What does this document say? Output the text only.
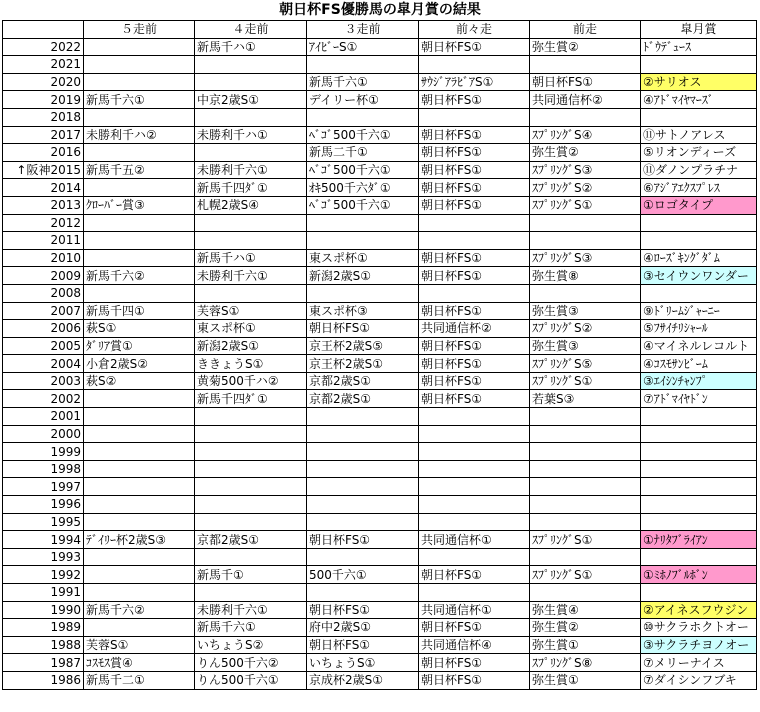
朝日杯FS優勝馬の皐月賞の結果
	５走前	４走前	３走前	前々走	前走	皐月賞
2022		新馬千ハ①	ｱｲﾋﾞｰS①	朝日杯FS①	弥生賞②	ﾄﾞｳﾃﾞｭｰｽ
2021						
2020			新馬千六①	ｻｳｼﾞｱﾗﾋﾞｱS①	朝日杯FS①	②サリオス
2019	新馬千六①	中京2歳S①	デイリー杯①	朝日杯FS①	共同通信杯②	④ｱﾄﾞﾏｲﾔﾏｰｽﾞ
2018						
2017	未勝利千ハ②	未勝利千ハ①	ﾍﾞｺﾞ500千六①	朝日杯FS①	ｽﾌﾟﾘﾝｸﾞS④	⑪サトノアレス
2016			新馬二千①	朝日杯FS①	弥生賞②	⑤リオンディーズ
↑阪神2015	新馬千五②	未勝利千六①	ﾍﾞｺﾞ500千六①	朝日杯FS①	ｽﾌﾟﾘﾝｸﾞS③	⑪ダノンプラチナ
2014		新馬千四ﾀﾞ①	ｵｷ500千六ﾀﾞ①	朝日杯FS①	ｽﾌﾟﾘﾝｸﾞS②	⑥ｱｼﾞｱｴｸｽﾌﾟﾚｽ
2013	ｸﾛｰﾊﾞｰ賞③	札幌2歳S④	ﾍﾞｺﾞ500千六①	朝日杯FS①	ｽﾌﾟﾘﾝｸﾞS①	①ロゴタイプ
2012						
2011						
2010		新馬千ハ①	東スポ杯①	朝日杯FS①	ｽﾌﾟﾘﾝｸﾞS③	④ﾛｰｽﾞｷﾝｸﾞﾀﾞﾑ
2009	新馬千六②	未勝利千六①	新潟2歳S①	朝日杯FS①	弥生賞⑧	③セイウンワンダー
2008						
2007	新馬千四①	芙蓉S①	東スポ杯③	朝日杯FS①	弥生賞③	⑨ﾄﾞﾘｰﾑｼﾞｬｰﾆｰ
2006	萩S①	東スポ杯①	朝日杯FS①	共同通信杯②	ｽﾌﾟﾘﾝｸﾞS②	⑤ﾌｻｲﾁﾘｼｬｰﾙ
2005	ﾀﾞﾘｱ賞①	新潟2歳S①	京王杯2歳S⑤	朝日杯FS①	弥生賞③	④マイネルレコルト
2004	小倉2歳S②	ききょうS①	京王杯2歳S①	朝日杯FS①	ｽﾌﾟﾘﾝｸﾞS⑤	④ｺｽﾓｻﾝﾋﾞｰﾑ
2003	萩S②	黄菊500千ハ②	京都2歳S①	朝日杯FS①	ｽﾌﾟﾘﾝｸﾞS①	③ｴｲｼﾝﾁｬﾝﾌﾟ
2002		新馬千四ﾀﾞ①	京都2歳S①	朝日杯FS①	若葉S③	⑦ｱﾄﾞﾏｲﾔﾄﾞﾝ
2001						
2000						
1999						
1998						
1997						
1996						
1995						
1994	ﾃﾞｲﾘｰ杯2歳S③	京都2歳S①	朝日杯FS①	共同通信杯①	ｽﾌﾟﾘﾝｸﾞS①	①ﾅﾘﾀﾌﾞﾗｲｱﾝ
1993						
1992		新馬千①	500千六①	朝日杯FS①	ｽﾌﾟﾘﾝｸﾞS①	①ﾐﾎﾉﾌﾞﾙﾎﾞﾝ
1991						
1990	新馬千六②	未勝利千六①	朝日杯FS①	共同通信杯①	弥生賞④	②アイネスフウジン
1989		新馬千六①	府中2歳S①	朝日杯FS①	弥生賞②	⑩サクラホクトオー
1988	芙蓉S①	いちょうS②	朝日杯FS①	共同通信杯④	弥生賞①	③サクラチヨノオー
1987	ｺｽﾓｽ賞④	りん500千六②	いちょうS①	朝日杯FS①	ｽﾌﾟﾘﾝｸﾞS⑧	⑦メリーナイス
1986	新馬千二①	りん500千六①	京成杯2歳S①	朝日杯FS①	弥生賞①	⑦ダイシンフブキ
